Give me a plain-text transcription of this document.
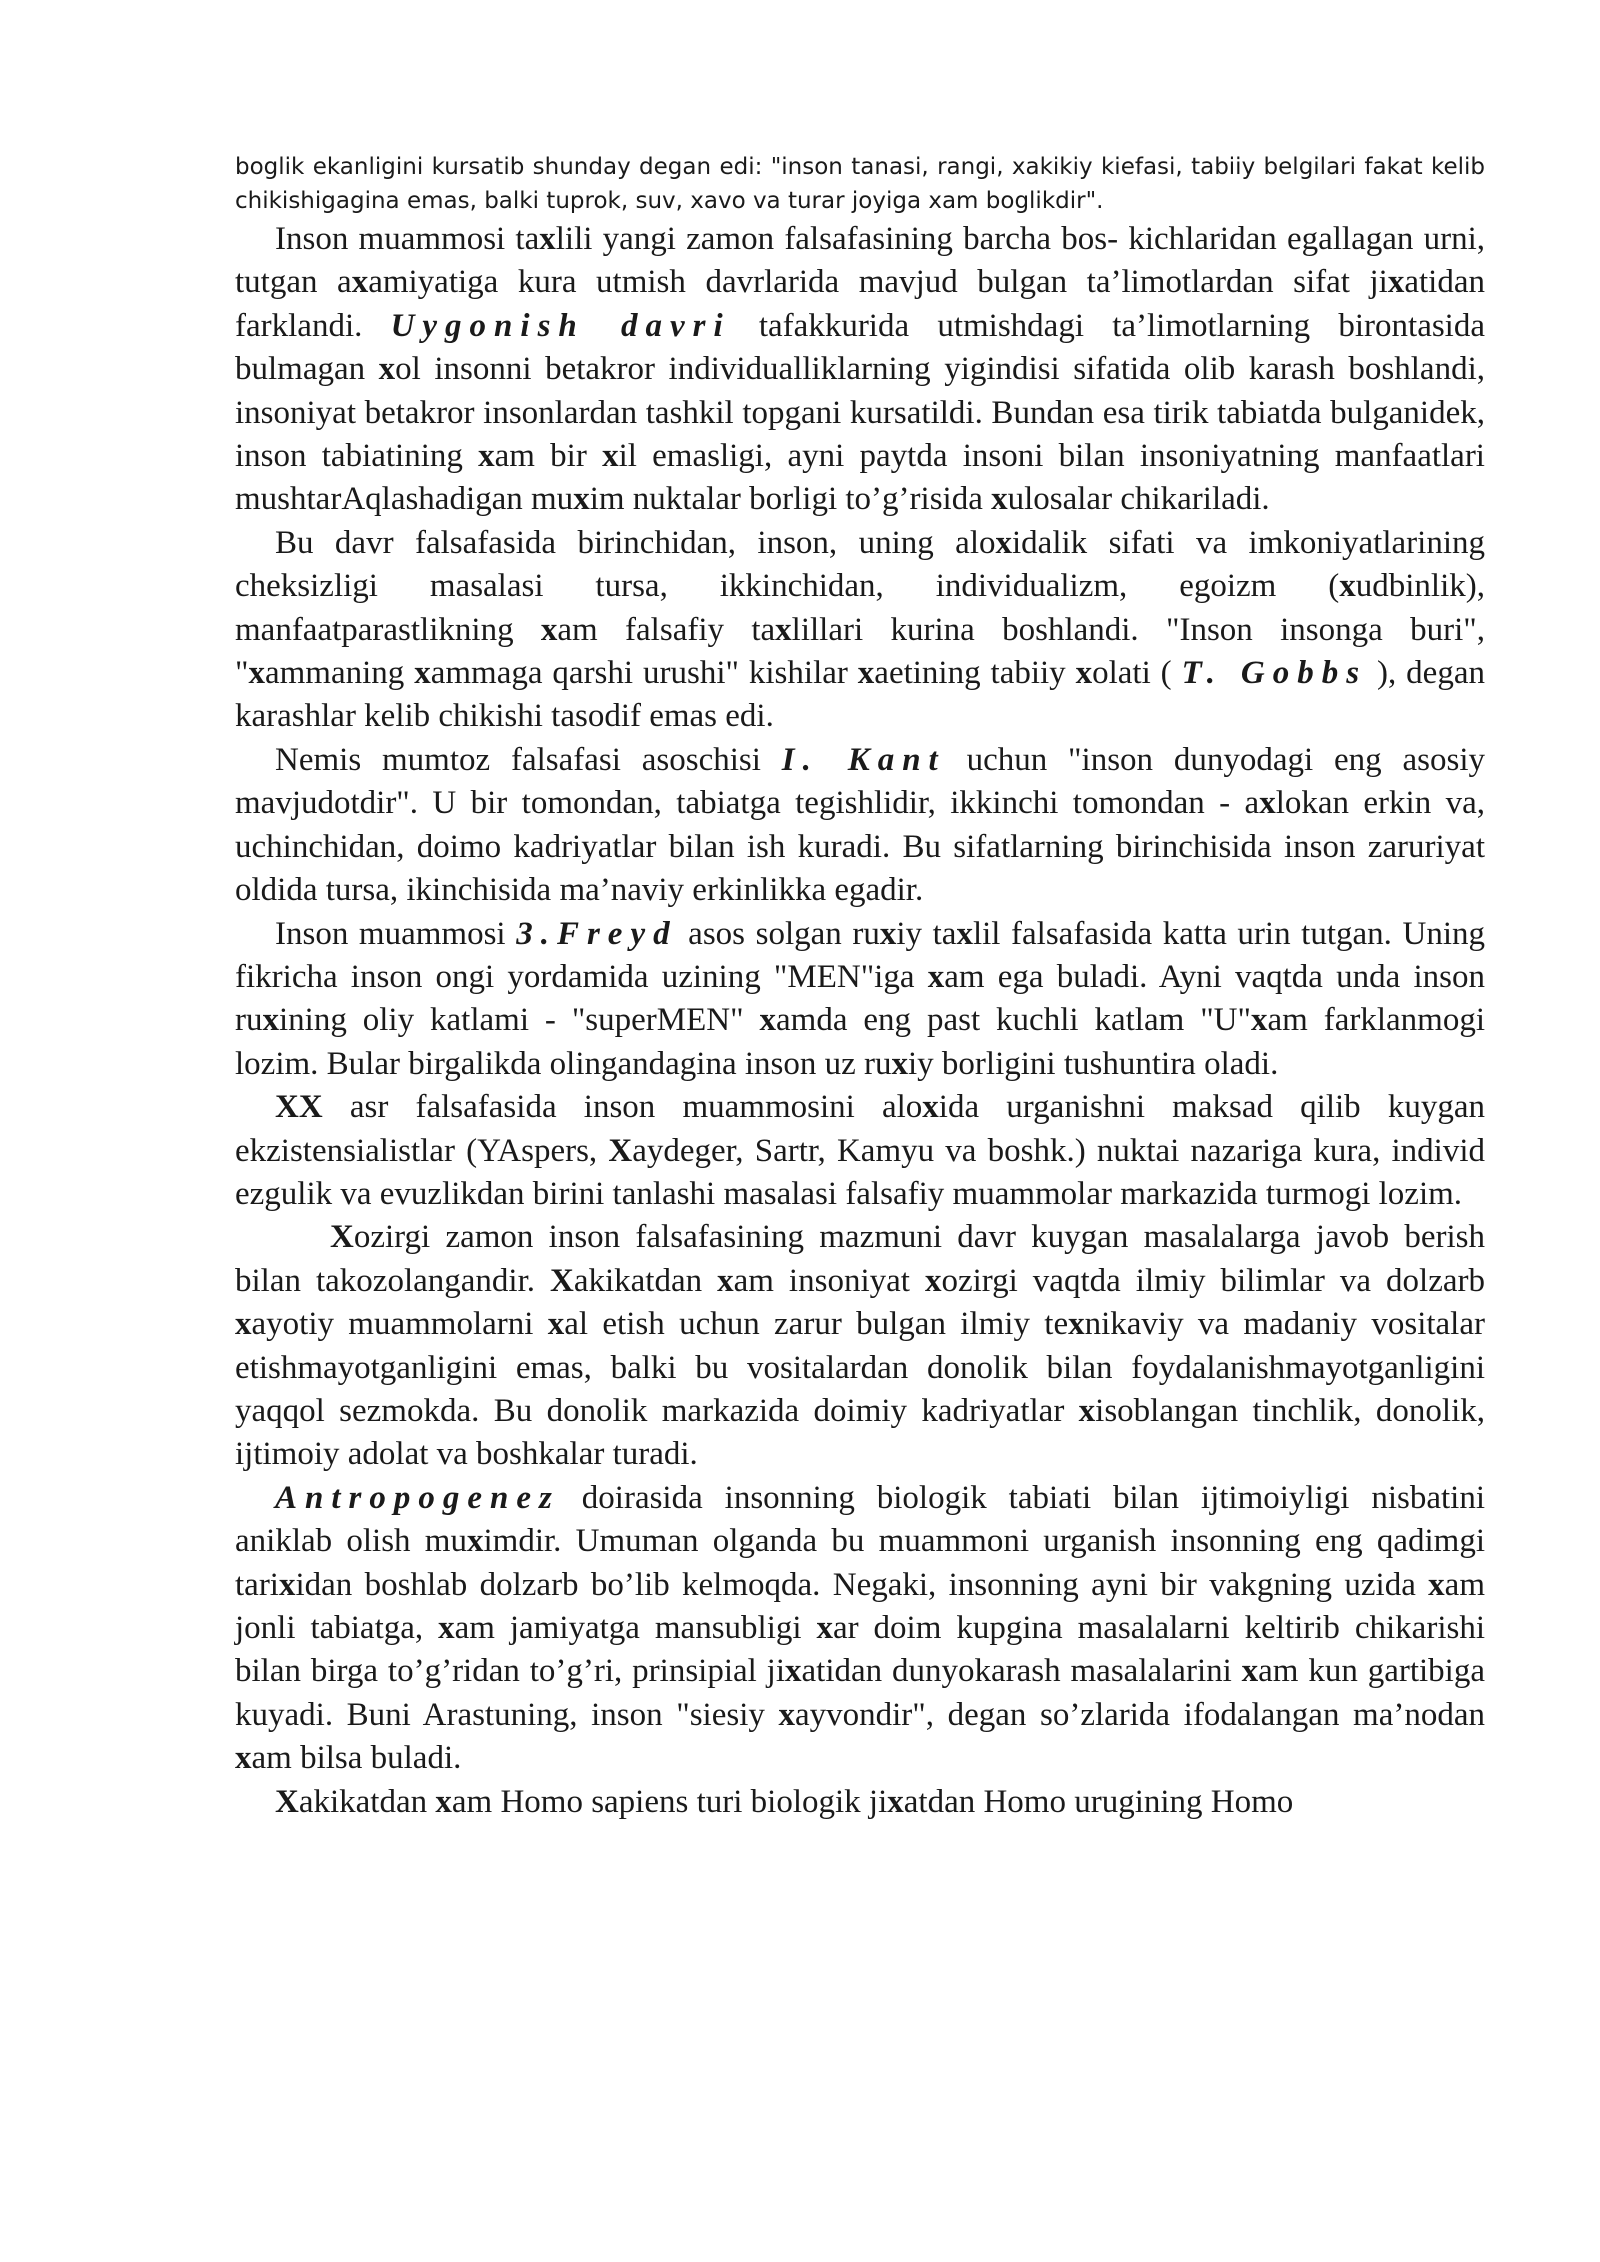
boglik ekanligini kursatib shunday degan edi: "inson tanasi, rangi, xakikiy kiefasi, tabiiy belgilari fakat kelib chikishigagina emas, balki tuprok, suv, xavo va turar joyiga xam boglikdir".

Inson muammosi taxlili yangi zamon falsafasining barcha bos- kichlaridan egallagan urni, tutgan axamiyatiga kura utmish davrlarida mavjud bulgan ta’limotlardan sifat jixatidan farklandi. Uygonish davri tafakkurida utmishdagi ta’limotlarning birontasida bulmagan xol insonni betakror individualliklarning yigindisi sifatida olib karash boshlandi, insoniyat betakror insonlardan tashkil topgani kursatildi. Bundan esa tirik tabiatda bulganidek, inson tabiatining xam bir xil emasligi, ayni paytda insoni bilan insoniyatning manfaatlari mushtarAqlashadigan muxim nuktalar borligi to’g’risida xulosalar chikariladi.

Bu davr falsafasida birinchidan, inson, uning aloxidalik sifati va imkoniyatlarining cheksizligi masalasi tursa, ikkinchidan, individualizm, egoizm (xudbinlik), manfaatparastlikning xam falsafiy taxlillari kurina boshlandi. "Inson insonga buri", "xammaning xammaga qarshi urushi" kishilar xaetining tabiiy xolati ( T. Gobbs ), degan karashlar kelib chikishi tasodif emas edi.

Nemis mumtoz falsafasi asoschisi I. Kant uchun "inson dunyodagi eng asosiy mavjudotdir". U bir tomondan, tabiatga tegishlidir, ikkinchi tomondan - axlokan erkin va, uchinchidan, doimo kadriyatlar bilan ish kuradi. Bu sifatlarning birinchisida inson zaruriyat oldida tursa, ikinchisida ma’naviy erkinlikka egadir.

Inson muammosi 3.Freyd asos solgan ruxiy taxlil falsafasida katta urin tutgan. Uning fikricha inson ongi yordamida uzining "MEN"iga xam ega buladi. Ayni vaqtda unda inson ruxining oliy katlami - "superMEN" xamda eng past kuchli katlam "U"xam farklanmogi lozim. Bular birgalikda olingandagina inson uz ruxiy borligini tushuntira oladi.

XX asr falsafasida inson muammosini aloxida urganishni maksad qilib kuygan ekzistensialistlar (YAspers, Xaydeger, Sartr, Kamyu va boshk.) nuktai nazariga kura, individ ezgulik va evuzlikdan birini tanlashi masalasi falsafiy muammolar markazida turmogi lozim.

Xozirgi zamon inson falsafasining mazmuni davr kuygan masalalarga javob berish bilan takozolangandir. Xakikatdan xam insoniyat xozirgi vaqtda ilmiy bilimlar va dolzarb xayotiy muammolarni xal etish uchun zarur bulgan ilmiy texnikaviy va madaniy vositalar etishmayotganligini emas, balki bu vositalardan donolik bilan foydalanishmayotganligini yaqqol sezmokda. Bu donolik markazida doimiy kadriyatlar xisoblangan tinchlik, donolik, ijtimoiy adolat va boshkalar turadi.

Antropogenez doirasida insonning biologik tabiati bilan ijtimoiyligi nisbatini aniklab olish muximdir. Umuman olganda bu muammoni urganish insonning eng qadimgi tarixidan boshlab dolzarb bo’lib kelmoqda. Negaki, insonning ayni bir vakgning uzida xam jonli tabiatga, xam jamiyatga mansubligi xar doim kupgina masalalarni keltirib chikarishi bilan birga to’g’ridan to’g’ri, prinsipial jixatidan dunyokarash masalalarini xam kun gartibiga kuyadi. Buni Arastuning, inson "siesiy xayvondir", degan so’zlarida ifodalangan ma’nodan xam bilsa buladi.

Xakikatdan xam Homo sapiens turi biologik jixatdan Homo urugining Homo
